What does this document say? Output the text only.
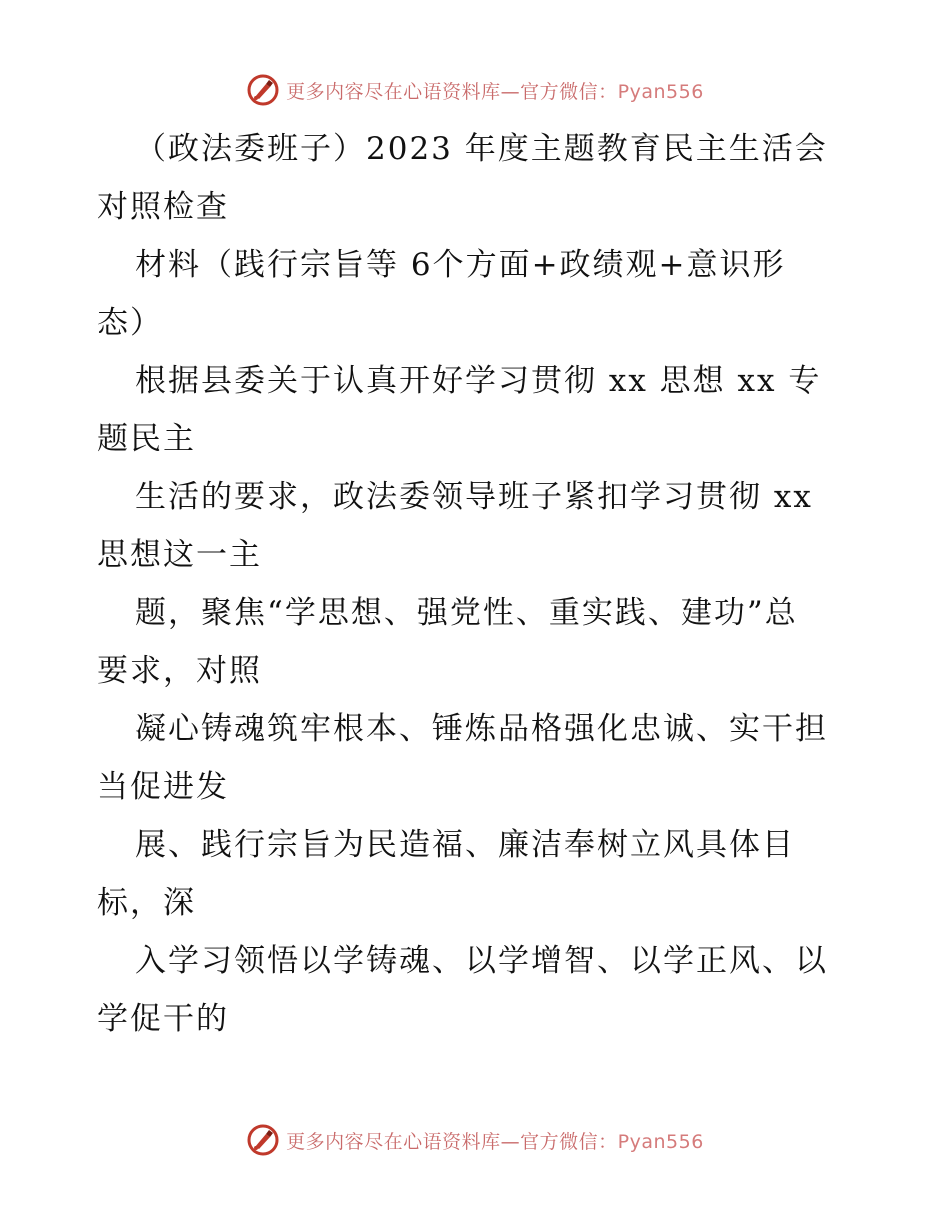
更多内容尽在心语资料库—官方微信：Pyan556
（政法委班子）2023 年度主题教育民主生活会
对照检查
材料（践行宗旨等 6个方面+政绩观+意识形
态）
根据县委关于认真开好学习贯彻 xx 思想 xx 专
题民主
生活的要求，政法委领导班子紧扣学习贯彻 xx
思想这一主
题，聚焦“学思想、强党性、重实践、建功”总
要求，对照
凝心铸魂筑牢根本、锤炼品格强化忠诚、实干担
当促进发
展、践行宗旨为民造福、廉洁奉树立风具体目
标，深
入学习领悟以学铸魂、以学增智、以学正风、以
学促干的
更多内容尽在心语资料库—官方微信：Pyan556
